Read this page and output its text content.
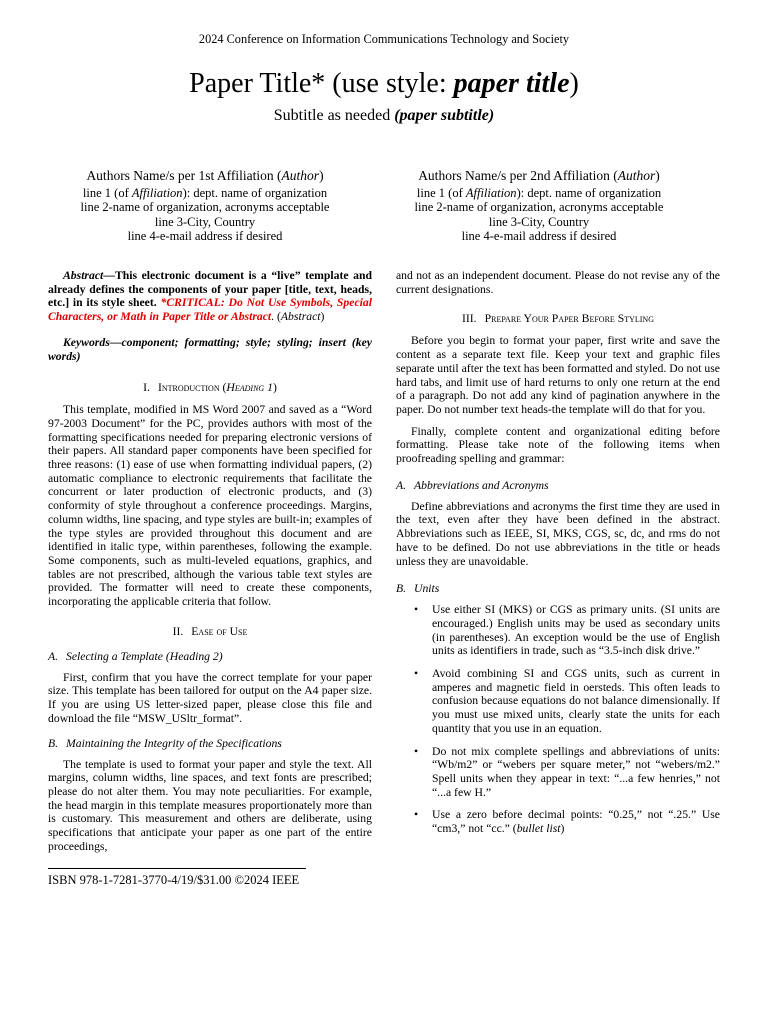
2024 Conference on Information Communications Technology and Society
Paper Title* (use style: paper title)
Subtitle as needed (paper subtitle)
Authors Name/s per 1st Affiliation (Author)
line 1 (of Affiliation): dept. name of organization
line 2-name of organization, acronyms acceptable
line 3-City, Country
line 4-e-mail address if desired
Authors Name/s per 2nd Affiliation (Author)
line 1 (of Affiliation): dept. name of organization
line 2-name of organization, acronyms acceptable
line 3-City, Country
line 4-e-mail address if desired

Abstract—This electronic document is a “live” template and already defines the components of your paper [title, text, heads, etc.] in its style sheet. *CRITICAL: Do Not Use Symbols, Special Characters, or Math in Paper Title or Abstract. (Abstract)

Keywords—component; formatting; style; styling; insert (key words)

I. Introduction (Heading 1)

This template, modified in MS Word 2007 and saved as a “Word 97-2003 Document” for the PC, provides authors with most of the formatting specifications needed for preparing electronic versions of their papers. All standard paper components have been specified for three reasons: (1) ease of use when formatting individual papers, (2) automatic compliance to electronic requirements that facilitate the concurrent or later production of electronic products, and (3) conformity of style throughout a conference proceedings. Margins, column widths, line spacing, and type styles are built-in; examples of the type styles are provided throughout this document and are identified in italic type, within parentheses, following the example. Some components, such as multi-leveled equations, graphics, and tables are not prescribed, although the various table text styles are provided. The formatter will need to create these components, incorporating the applicable criteria that follow.

II. Ease of Use
A. Selecting a Template (Heading 2)

First, confirm that you have the correct template for your paper size. This template has been tailored for output on the A4 paper size. If you are using US letter-sized paper, please close this file and download the file “MSW_USltr_format”.

B. Maintaining the Integrity of the Specifications

The template is used to format your paper and style the text. All margins, column widths, line spaces, and text fonts are prescribed; please do not alter them. You may note peculiarities. For example, the head margin in this template measures proportionately more than is customary. This measurement and others are deliberate, using specifications that anticipate your paper as one part of the entire proceedings,

and not as an independent document. Please do not revise any of the current designations.

III. Prepare Your Paper Before Styling

Before you begin to format your paper, first write and save the content as a separate text file. Keep your text and graphic files separate until after the text has been formatted and styled. Do not use hard tabs, and limit use of hard returns to only one return at the end of a paragraph. Do not add any kind of pagination anywhere in the paper. Do not number text heads-the template will do that for you.

Finally, complete content and organizational editing before formatting. Please take note of the following items when proofreading spelling and grammar:

A. Abbreviations and Acronyms

Define abbreviations and acronyms the first time they are used in the text, even after they have been defined in the abstract. Abbreviations such as IEEE, SI, MKS, CGS, sc, dc, and rms do not have to be defined. Do not use abbreviations in the title or heads unless they are unavoidable.

B. Units
• Use either SI (MKS) or CGS as primary units. (SI units are encouraged.) English units may be used as secondary units (in parentheses). An exception would be the use of English units as identifiers in trade, such as “3.5-inch disk drive.”
• Avoid combining SI and CGS units, such as current in amperes and magnetic field in oersteds. This often leads to confusion because equations do not balance dimensionally. If you must use mixed units, clearly state the units for each quantity that you use in an equation.
• Do not mix complete spellings and abbreviations of units: “Wb/m2” or “webers per square meter,” not “webers/m2.” Spell units when they appear in text: “...a few henries,” not “...a few H.”
• Use a zero before decimal points: “0.25,” not “.25.” Use “cm3,” not “cc.” (bullet list)
ISBN 978-1-7281-3770-4/19/$31.00 ©2024 IEEE
